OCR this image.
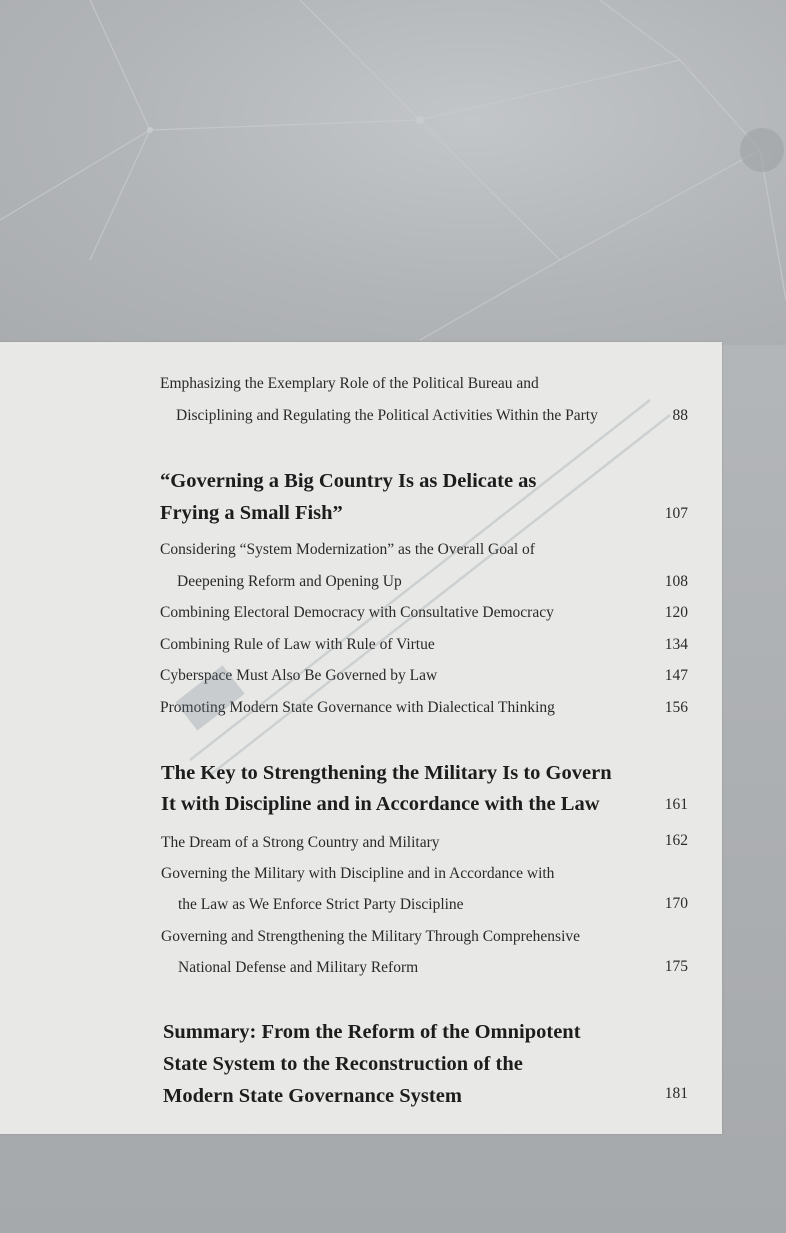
Emphasizing the Exemplary Role of the Political Bureau and
Disciplining and Regulating the Political Activities Within the Party	88
“Governing a Big Country Is as Delicate as
Frying a Small Fish”	107
Considering “System Modernization” as the Overall Goal of
Deepening Reform and Opening Up	108
Combining Electoral Democracy with Consultative Democracy	120
Combining Rule of Law with Rule of Virtue	134
Cyberspace Must Also Be Governed by Law	147
Promoting Modern State Governance with Dialectical Thinking	156
The Key to Strengthening the Military Is to Govern
It with Discipline and in Accordance with the Law	161
The Dream of a Strong Country and Military	162
Governing the Military with Discipline and in Accordance with
the Law as We Enforce Strict Party Discipline	170
Governing and Strengthening the Military Through Comprehensive
National Defense and Military Reform	175
Summary: From the Reform of the Omnipotent
State System to the Reconstruction of the
Modern State Governance System	181
